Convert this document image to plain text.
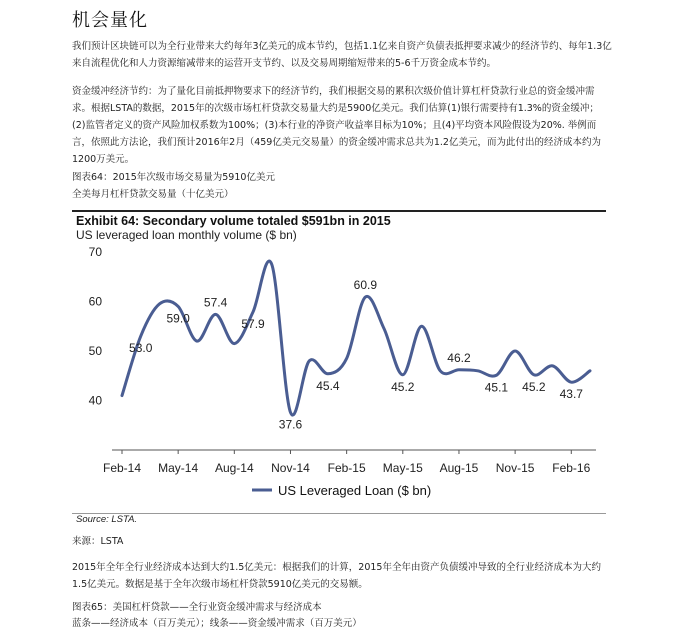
机会量化
我们预计区块链可以为全行业带来大约每年3亿美元的成本节约，包括1.1亿来自资产负债表抵押要求减少的经济节约、每年1.3亿来自流程优化和人力资源缩减带来的运营开支节约、以及交易周期缩短带来的5-6千万资金成本节约。
资金缓冲经济节约：为了量化目前抵押物要求下的经济节约，我们根据交易的累积次级价值计算杠杆贷款行业总的资金缓冲需求。根据LSTA的数据，2015年的次级市场杠杆贷款交易量大约是5900亿美元。我们估算(1)银行需要持有1.3%的资金缓冲；(2)监管者定义的资产风险加权系数为100%；(3)本行业的净资产收益率目标为10%；且(4)平均资本风险假设为20%. 举例而言，依照此方法论，我们预计2016年2月（459亿美元交易量）的资金缓冲需求总共为1.2亿美元，而为此付出的经济成本约为1200万美元。
图表64：2015年次级市场交易量为5910亿美元
全美每月杠杆贷款交易量（十亿美元）
Exhibit 64: Secondary volume totaled $591bn in 2015
US leveraged loan monthly volume ($ bn)
40
50
60
70
Feb-14 May-14 Aug-14 Nov-14 Feb-15 May-15 Aug-15 Nov-15 Feb-16
53.0
59.0
57.4
57.9
37.6
45.4
60.9
45.2
46.2
45.1 45.2
43.7
US Leveraged Loan ($ bn)
Source: LSTA.
来源：LSTA
2015年全年全行业经济成本达到大约1.5亿美元：根据我们的计算，2015年全年由资产负债缓冲导致的全行业经济成本为大约1.5亿美元。数据是基于全年次级市场杠杆贷款5910亿美元的交易额。
图表65：美国杠杆贷款——全行业资金缓冲需求与经济成本
蓝条——经济成本（百万美元）；线条——资金缓冲需求（百万美元）
